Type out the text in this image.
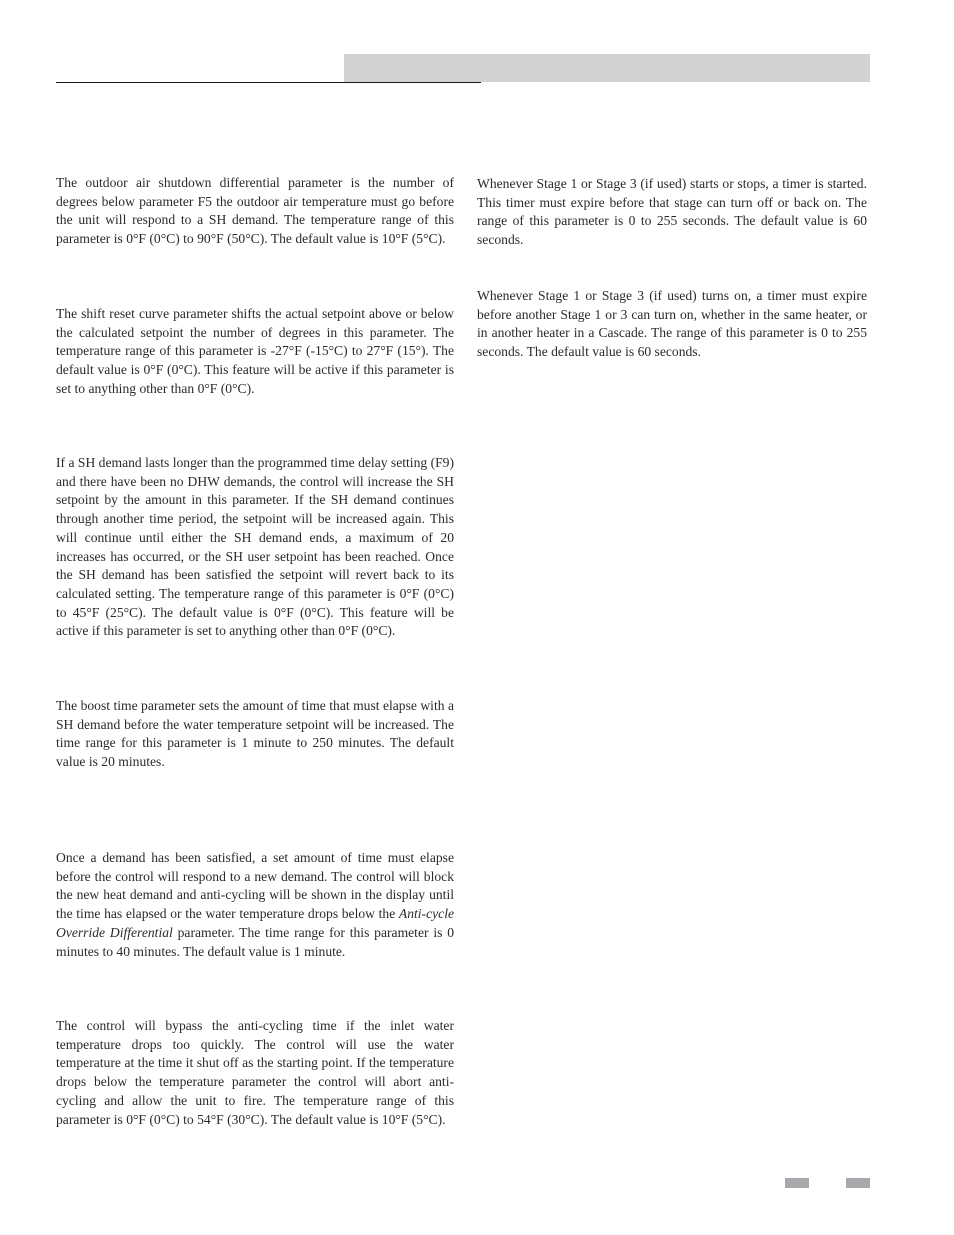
The outdoor air shutdown differential parameter is the number of degrees below parameter F5 the outdoor air temperature must go before the unit will respond to a SH demand. The temperature range of this parameter is 0°F (0°C) to 90°F (50°C). The default value is 10°F (5°C).

The shift reset curve parameter shifts the actual setpoint above or below the calculated setpoint the number of degrees in this parameter. The temperature range of this parameter is -27°F (-15°C) to 27°F (15°). The default value is 0°F (0°C). This feature will be active if this parameter is set to anything other than 0°F (0°C).

If a SH demand lasts longer than the programmed time delay setting (F9) and there have been no DHW demands, the control will increase the SH setpoint by the amount in this parameter. If the SH demand continues through another time period, the setpoint will be increased again. This will continue until either the SH demand ends, a maximum of 20 increases has occurred, or the SH user setpoint has been reached. Once the SH demand has been satisfied the setpoint will revert back to its calculated setting. The temperature range of this parameter is 0°F (0°C) to 45°F (25°C). The default value is 0°F (0°C). This feature will be active if this parameter is set to anything other than 0°F (0°C).

The boost time parameter sets the amount of time that must elapse with a SH demand before the water temperature setpoint will be increased. The time range for this parameter is 1 minute to 250 minutes. The default value is 20 minutes.

Once a demand has been satisfied, a set amount of time must elapse before the control will respond to a new demand. The control will block the new heat demand and anti-cycling will be shown in the display until the time has elapsed or the water temperature drops below the Anti-cycle Override Differential parameter. The time range for this parameter is 0 minutes to 40 minutes. The default value is 1 minute.

The control will bypass the anti-cycling time if the inlet water temperature drops too quickly. The control will use the water temperature at the time it shut off as the starting point. If the temperature drops below the temperature parameter the control will abort anti-cycling and allow the unit to fire. The temperature range of this parameter is 0°F (0°C) to 54°F (30°C). The default value is 10°F (5°C).

Whenever Stage 1 or Stage 3 (if used) starts or stops, a timer is started. This timer must expire before that stage can turn off or back on. The range of this parameter is 0 to 255 seconds. The default value is 60 seconds.

Whenever Stage 1 or Stage 3 (if used) turns on, a timer must expire before another Stage 1 or 3 can turn on, whether in the same heater, or in another heater in a Cascade. The range of this parameter is 0 to 255 seconds. The default value is 60 seconds.
